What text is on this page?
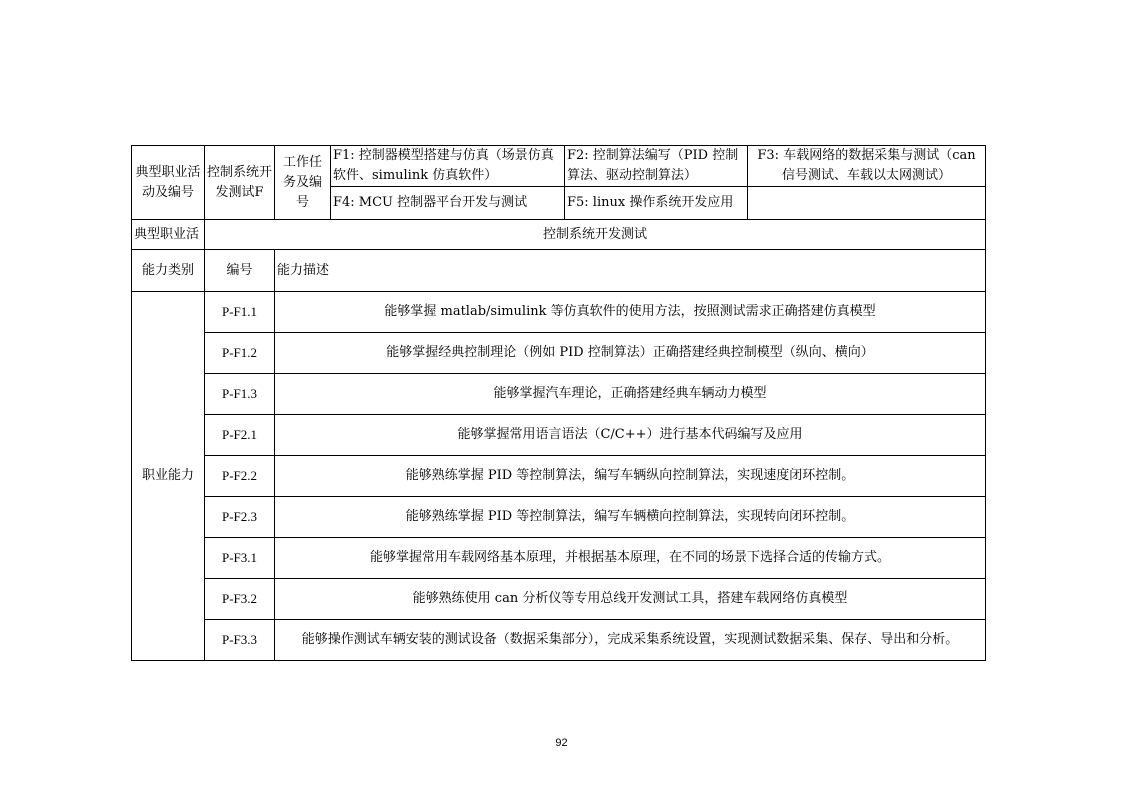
典型职业活动及编号	控制系统开发测试F	工作任务及编号	F1: 控制器模型搭建与仿真（场景仿真软件、simulink 仿真软件）	F2: 控制算法编写（PID 控制算法、驱动控制算法）	F3: 车载网络的数据采集与测试（can 信号测试、车载以太网测试）
			F4: MCU 控制器平台开发与测试	F5: linux 操作系统开发应用	
典型职业活	控制系统开发测试				
能力类别	编号	能力描述			
职业能力	P-F1.1	能够掌握 matlab/simulink 等仿真软件的使用方法，按照测试需求正确搭建仿真模型			
	P-F1.2	能够掌握经典控制理论（例如 PID 控制算法）正确搭建经典控制模型（纵向、横向）			
	P-F1.3	能够掌握汽车理论，正确搭建经典车辆动力模型			
	P-F2.1	能够掌握常用语言语法（C/C++）进行基本代码编写及应用			
	P-F2.2	能够熟练掌握 PID 等控制算法，编写车辆纵向控制算法，实现速度闭环控制。			
	P-F2.3	能够熟练掌握 PID 等控制算法，编写车辆横向控制算法，实现转向闭环控制。			
	P-F3.1	能够掌握常用车载网络基本原理，并根据基本原理，在不同的场景下选择合适的传输方式。			
	P-F3.2	能够熟练使用 can 分析仪等专用总线开发测试工具，搭建车载网络仿真模型			
	P-F3.3	能够操作测试车辆安装的测试设备（数据采集部分），完成采集系统设置，实现测试数据采集、保存、导出和分析。			
92
